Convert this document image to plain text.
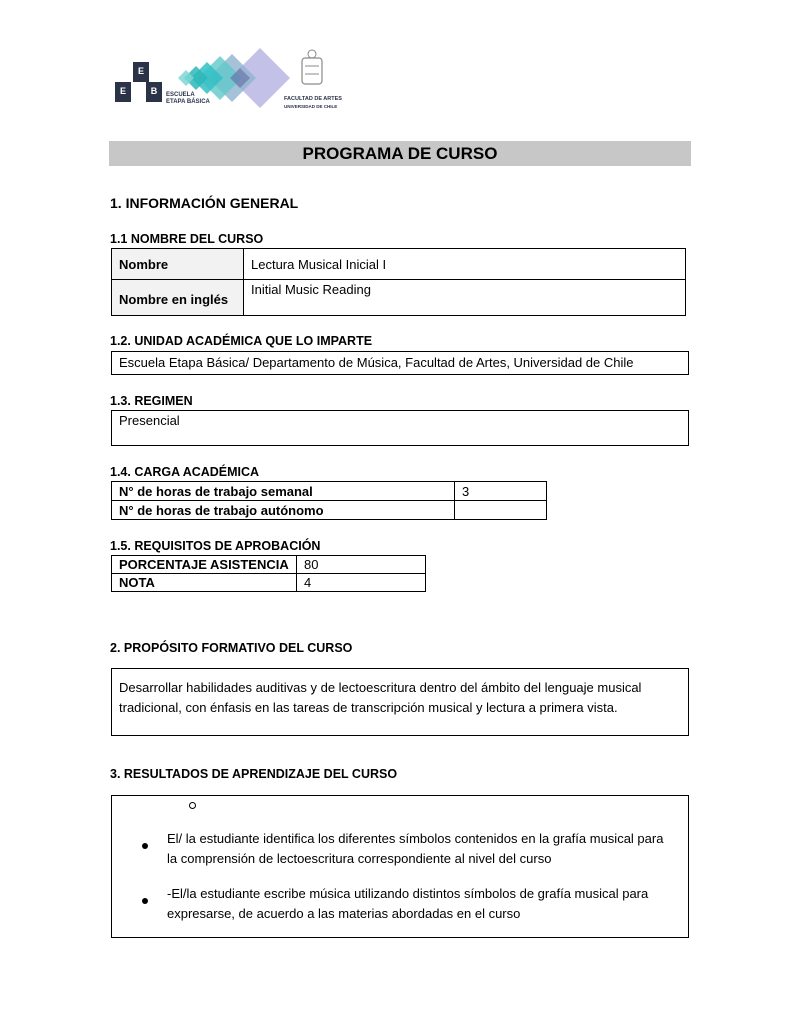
E
E
B	ESCUELA
ETAPA BÁSICA	FACULTAD DE ARTES
UNIVERSIDAD DE CHILE
PROGRAMA DE CURSO
1. INFORMACIÓN GENERAL
1.1 NOMBRE DEL CURSO
Nombre	Lectura Musical Inicial I
Nombre en inglés	Initial Music Reading
1.2. UNIDAD ACADÉMICA QUE LO IMPARTE
Escuela Etapa Básica/ Departamento de Música, Facultad de Artes, Universidad de Chile
1.3. REGIMEN
Presencial
1.4. CARGA ACADÉMICA
N° de horas de trabajo semanal	3
N° de horas de trabajo autónomo	
1.5. REQUISITOS DE APROBACIÓN
PORCENTAJE ASISTENCIA	80
NOTA	4
2. PROPÓSITO FORMATIVO DEL CURSO
Desarrollar habilidades auditivas y de lectoescritura dentro del ámbito del lenguaje musical tradicional, con énfasis en las tareas de transcripción musical y lectura a primera vista.
3. RESULTADOS DE APRENDIZAJE DEL CURSO
El/ la estudiante identifica los diferentes símbolos contenidos en la grafía musical para la comprensión de lectoescritura correspondiente al nivel del curso
-El/la estudiante escribe música utilizando distintos símbolos de grafía musical para expresarse, de acuerdo a las materias abordadas en el curso
